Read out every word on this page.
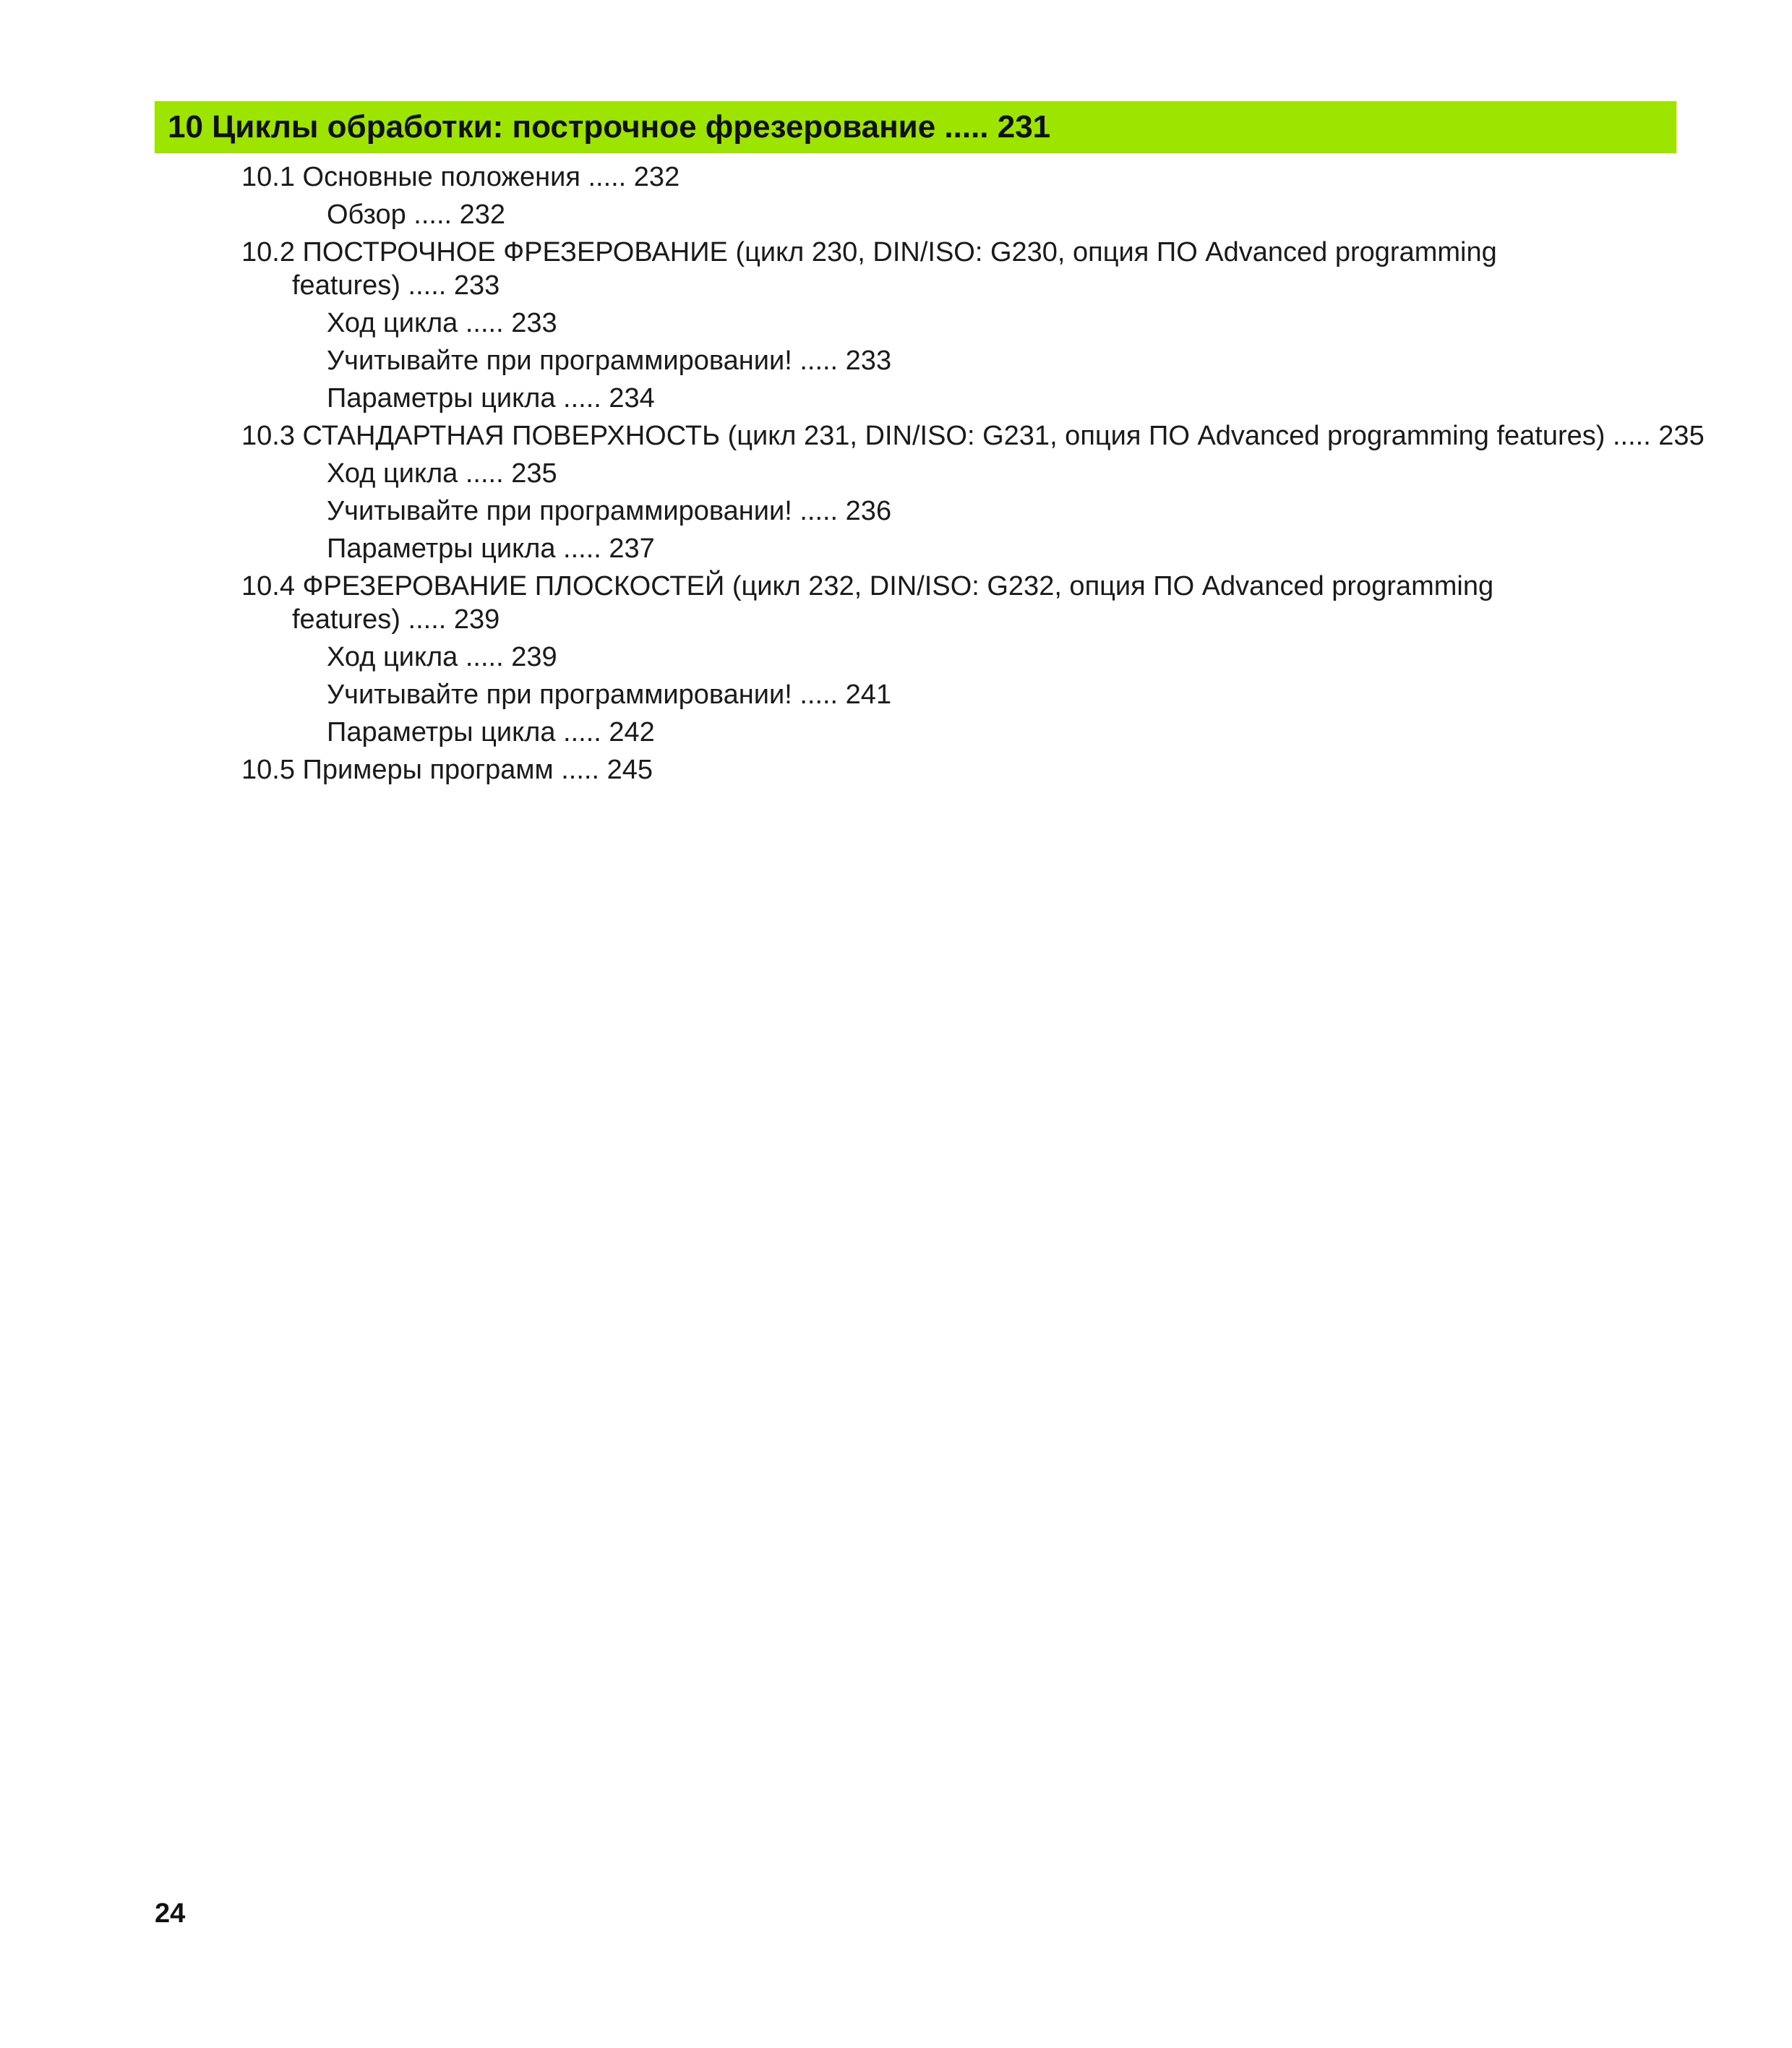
10 Циклы обработки: построчное фрезерование ..... 231
10.1 Основные положения ..... 232
Обзор ..... 232
10.2 ПОСТРОЧНОЕ ФРЕЗЕРОВАНИЕ (цикл 230, DIN/ISO: G230, опция ПО Advanced programming
features) ..... 233
Ход цикла ..... 233
Учитывайте при программировании! ..... 233
Параметры цикла ..... 234
10.3 СТАНДАРТНАЯ ПОВЕРХНОСТЬ (цикл 231, DIN/ISO: G231, опция ПО Advanced programming features) ..... 235
Ход цикла ..... 235
Учитывайте при программировании! ..... 236
Параметры цикла ..... 237
10.4 ФРЕЗЕРОВАНИЕ ПЛОСКОСТЕЙ (цикл 232, DIN/ISO: G232, опция ПО Advanced programming
features) ..... 239
Ход цикла ..... 239
Учитывайте при программировании! ..... 241
Параметры цикла ..... 242
10.5 Примеры программ ..... 245
24
